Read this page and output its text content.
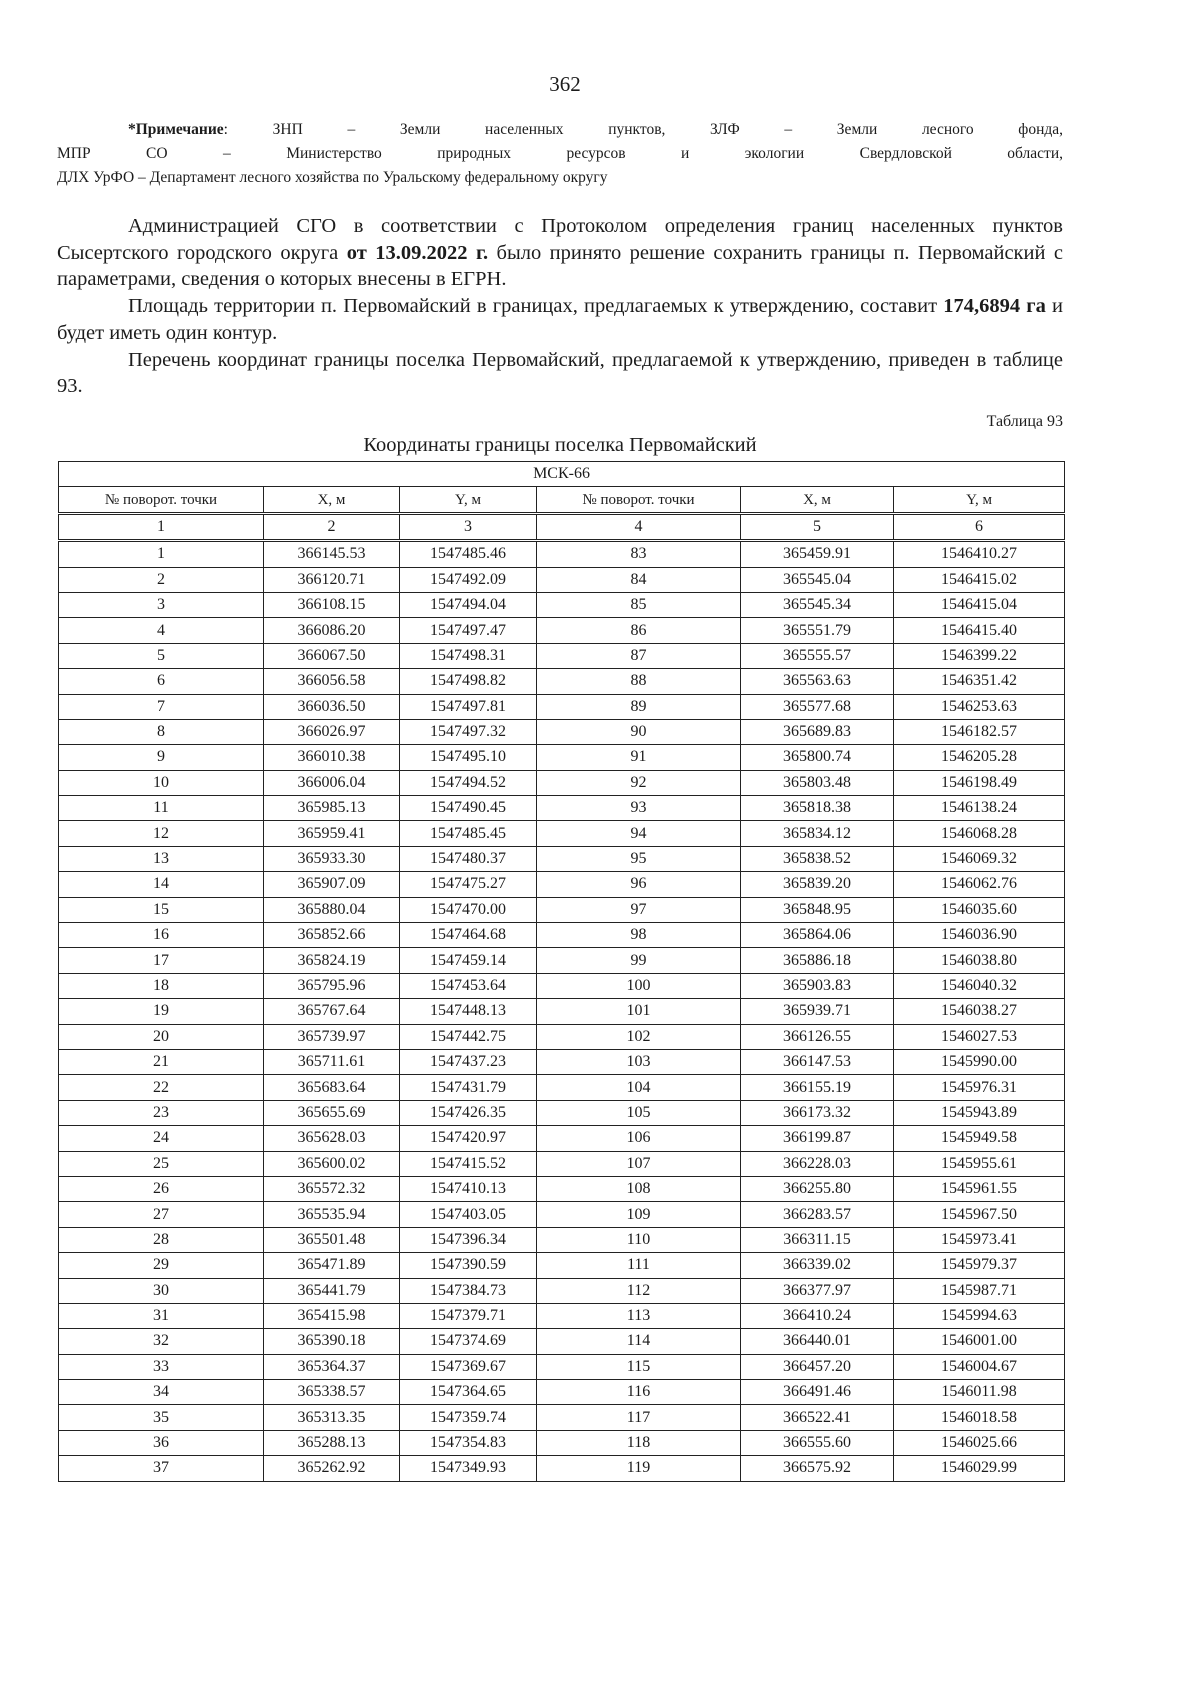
362

*Примечание: ЗНП – Земли населенных пунктов, ЗЛФ – Земли лесного фонда,

МПР СО – Министерство природных ресурсов и экологии Свердловской области,

ДЛХ УрФО – Департамент лесного хозяйства по Уральскому федеральному округу

Администрацией СГО в соответствии с Протоколом определения границ населенных пунктов Сысертского городского округа от 13.09.2022 г. было принято решение сохранить границы п. Первомайский с параметрами, сведения о которых внесены в ЕГРН.

Площадь территории п. Первомайский в границах, предлагаемых к утверждению, составит 174,6894 га и будет иметь один контур.

Перечень координат границы поселка Первомайский, предлагаемой к утверждению, приведен в таблице 93.

Таблица 93
Координаты границы поселка Первомайский
МСК-66					
№ поворот. точки	X, м	Y, м	№ поворот. точки	X, м	Y, м
1	2	3	4	5	6
1	366145.53	1547485.46	83	365459.91	1546410.27
2	366120.71	1547492.09	84	365545.04	1546415.02
3	366108.15	1547494.04	85	365545.34	1546415.04
4	366086.20	1547497.47	86	365551.79	1546415.40
5	366067.50	1547498.31	87	365555.57	1546399.22
6	366056.58	1547498.82	88	365563.63	1546351.42
7	366036.50	1547497.81	89	365577.68	1546253.63
8	366026.97	1547497.32	90	365689.83	1546182.57
9	366010.38	1547495.10	91	365800.74	1546205.28
10	366006.04	1547494.52	92	365803.48	1546198.49
11	365985.13	1547490.45	93	365818.38	1546138.24
12	365959.41	1547485.45	94	365834.12	1546068.28
13	365933.30	1547480.37	95	365838.52	1546069.32
14	365907.09	1547475.27	96	365839.20	1546062.76
15	365880.04	1547470.00	97	365848.95	1546035.60
16	365852.66	1547464.68	98	365864.06	1546036.90
17	365824.19	1547459.14	99	365886.18	1546038.80
18	365795.96	1547453.64	100	365903.83	1546040.32
19	365767.64	1547448.13	101	365939.71	1546038.27
20	365739.97	1547442.75	102	366126.55	1546027.53
21	365711.61	1547437.23	103	366147.53	1545990.00
22	365683.64	1547431.79	104	366155.19	1545976.31
23	365655.69	1547426.35	105	366173.32	1545943.89
24	365628.03	1547420.97	106	366199.87	1545949.58
25	365600.02	1547415.52	107	366228.03	1545955.61
26	365572.32	1547410.13	108	366255.80	1545961.55
27	365535.94	1547403.05	109	366283.57	1545967.50
28	365501.48	1547396.34	110	366311.15	1545973.41
29	365471.89	1547390.59	111	366339.02	1545979.37
30	365441.79	1547384.73	112	366377.97	1545987.71
31	365415.98	1547379.71	113	366410.24	1545994.63
32	365390.18	1547374.69	114	366440.01	1546001.00
33	365364.37	1547369.67	115	366457.20	1546004.67
34	365338.57	1547364.65	116	366491.46	1546011.98
35	365313.35	1547359.74	117	366522.41	1546018.58
36	365288.13	1547354.83	118	366555.60	1546025.66
37	365262.92	1547349.93	119	366575.92	1546029.99
